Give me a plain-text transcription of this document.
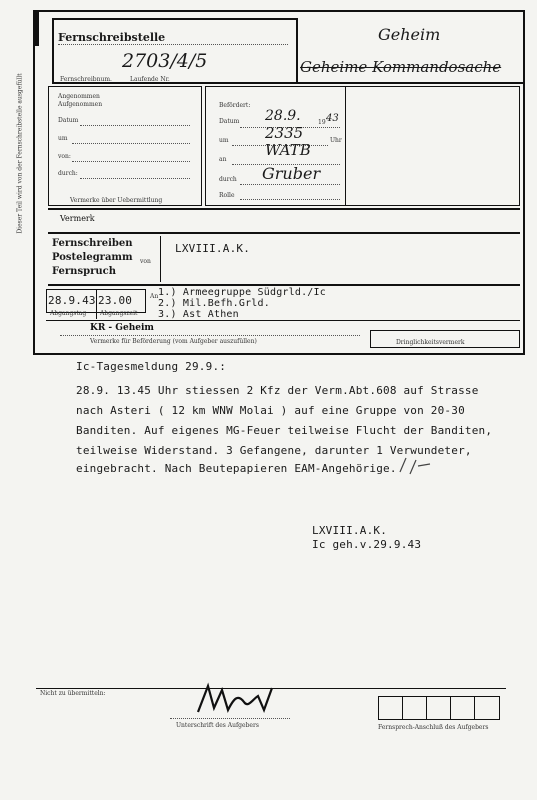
Fernschreibstelle
2703/4/5
Fernschreibnum.	Laufende Nr.
Geheim
Geheime Kommandosache
Dieser Teil wird von der Fernschreibstelle ausgefüllt	Angenommen
Aufgenommen
Datum
um
von:
durch:
Vermerke über Uebermittlung
Befördert:
Datum 28.9.	19 43
um 2335	Uhr
an
WATB
durch Gruber
Rolle
Vermerk
Fernschreiben
Postelegramm
Fernspruch
von
LXVIII.A.K.
28.9.43 23.00
Abgangstag Abgangszeit
An 1.) Armeegruppe Südgrld./Ic
2.) Mil.Befh.Grld.
3.) Ast Athen
KR - Geheim
Vermerke für Beförderung (vom Aufgeber auszufüllen)	Dringlichkeitsvermerk
Ic-Tagesmeldung 29.9.:
28.9. 13.45 Uhr stiessen 2 Kfz der Verm.Abt.608 auf Strasse
nach Asteri ( 12 km WNW Molai ) auf eine Gruppe von 20-30
Banditen. Auf eigenes MG-Feuer teilweise Flucht der Banditen,
teilweise Widerstand. 3 Gefangene, darunter 1 Verwundeter,
eingebracht. Nach Beutepapieren EAM-Angehörige.
LXVIII.A.K.
Ic geh.v.29.9.43
Nicht zu übermitteln:
Unterschrift des Aufgebers	Fernsprech-Anschluß des Aufgebers
